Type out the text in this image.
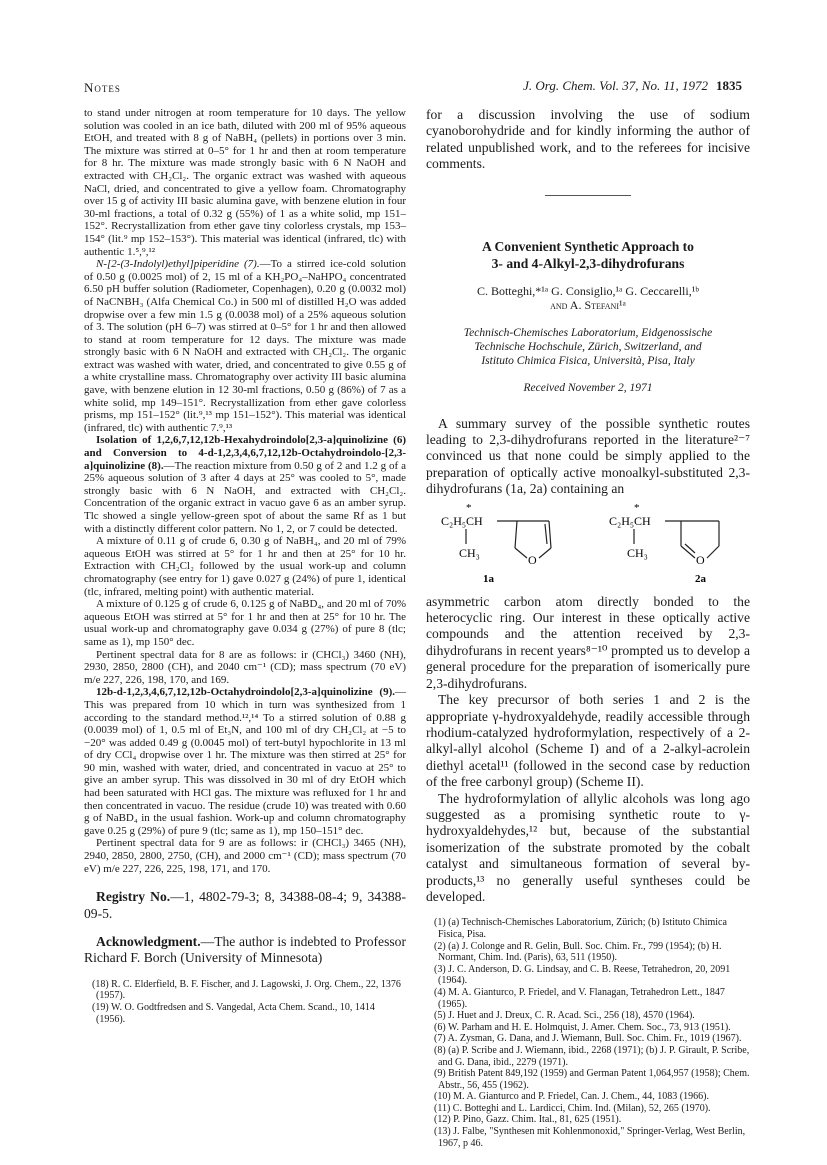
Notes	J. Org. Chem. Vol. 37, No. 11, 1972 1835

to stand under nitrogen at room temperature for 10 days. The yellow solution was cooled in an ice bath, diluted with 200 ml of 95% aqueous EtOH, and treated with 8 g of NaBH₄ (pellets) in portions over 3 min. The mixture was stirred at 0–5° for 1 hr and then at room temperature for 8 hr. The mixture was made strongly basic with 6 N NaOH and extracted with CH₂Cl₂. The organic extract was washed with aqueous NaCl, dried, and concentrated to give a yellow foam. Chromatography over 15 g of activity III basic alumina gave, with benzene elution in four 30-ml fractions, a total of 0.32 g (55%) of 1 as a white solid, mp 151–152°. Recrystallization from ether gave tiny colorless crystals, mp 153–154° (lit.⁹ mp 152–153°). This material was identical (infrared, tlc) with authentic 1.⁵,⁹,¹²

N-[2-(3-Indolyl)ethyl]piperidine (7).—To a stirred ice-cold solution of 0.50 g (0.0025 mol) of 2, 15 ml of a KH₂PO₄–NaHPO₄ concentrated 6.50 pH buffer solution (Radiometer, Copenhagen), 0.20 g (0.0032 mol) of NaCNBH₃ (Alfa Chemical Co.) in 500 ml of distilled H₂O was added dropwise over a few min 1.5 g (0.0038 mol) of a 25% aqueous solution of 3. The solution (pH 6–7) was stirred at 0–5° for 1 hr and then allowed to stand at room temperature for 12 days. The mixture was made strongly basic with 6 N NaOH and extracted with CH₂Cl₂. The organic extract was washed with water, dried, and concentrated to give 0.55 g of a white crystalline mass. Chromatography over activity III basic alumina gave, with benzene elution in 12 30-ml fractions, 0.50 g (86%) of 7 as a white solid, mp 149–151°. Recrystallization from ether gave colorless prisms, mp 151–152° (lit.⁹,¹³ mp 151–152°). This material was identical (infrared, tlc) with authentic 7.⁹,¹³

Isolation of 1,2,6,7,12,12b-Hexahydroindolo[2,3-a]quinolizine (6) and Conversion to 4-d-1,2,3,4,6,7,12,12b-Octahydroindolo-[2,3-a]quinolizine (8).—The reaction mixture from 0.50 g of 2 and 1.2 g of a 25% aqueous solution of 3 after 4 days at 25° was cooled to 5°, made strongly basic with 6 N NaOH, and extracted with CH₂Cl₂. Concentration of the organic extract in vacuo gave 6 as an amber syrup. Tlc showed a single yellow-green spot of about the same Rf as 1 but with a distinctly different color pattern. No 1, 2, or 7 could be detected.

A mixture of 0.11 g of crude 6, 0.30 g of NaBH₄, and 20 ml of 79% aqueous EtOH was stirred at 5° for 1 hr and then at 25° for 10 hr. Extraction with CH₂Cl₂ followed by the usual work-up and column chromatography (see entry for 1) gave 0.027 g (24%) of pure 1, identical (tlc, infrared, melting point) with authentic material.

A mixture of 0.125 g of crude 6, 0.125 g of NaBD₄, and 20 ml of 70% aqueous EtOH was stirred at 5° for 1 hr and then at 25° for 10 hr. The usual work-up and chromatography gave 0.034 g (27%) of pure 8 (tlc; same as 1), mp 150° dec.

Pertinent spectral data for 8 are as follows: ir (CHCl₃) 3460 (NH), 2930, 2850, 2800 (CH), and 2040 cm⁻¹ (CD); mass spectrum (70 eV) m/e 227, 226, 198, 170, and 169.

12b-d-1,2,3,4,6,7,12,12b-Octahydroindolo[2,3-a]quinolizine (9).—This was prepared from 10 which in turn was synthesized from 1 according to the standard method.¹²,¹⁴ To a stirred solution of 0.88 g (0.0039 mol) of 1, 0.5 ml of Et₃N, and 100 ml of dry CH₂Cl₂ at −5 to −20° was added 0.49 g (0.0045 mol) of tert-butyl hypochlorite in 13 ml of dry CCl₄ dropwise over 1 hr. The mixture was then stirred at 25° for 90 min, washed with water, dried, and concentrated in vacuo at 25° to give an amber syrup. This was dissolved in 30 ml of dry EtOH which had been saturated with HCl gas. The mixture was refluxed for 1 hr and then concentrated in vacuo. The residue (crude 10) was treated with 0.60 g of NaBD₄ in the usual fashion. Work-up and column chromatography gave 0.25 g (29%) of pure 9 (tlc; same as 1), mp 150–151° dec.

Pertinent spectral data for 9 are as follows: ir (CHCl₃) 3465 (NH), 2940, 2850, 2800, 2750, (CH), and 2000 cm⁻¹ (CD); mass spectrum (70 eV) m/e 227, 226, 225, 198, 171, and 170.

Registry No.—1, 4802-79-3; 8, 34388-08-4; 9, 34388-09-5.

Acknowledgment.—The author is indebted to Professor Richard F. Borch (University of Minnesota)

(18) R. C. Elderfield, B. F. Fischer, and J. Lagowski, J. Org. Chem., 22, 1376 (1957).

(19) W. O. Godtfredsen and S. Vangedal, Acta Chem. Scand., 10, 1414 (1956).

for a discussion involving the use of sodium cyanoborohydride and for kindly informing the author of related unpublished work, and to the referees for incisive comments.

A Convenient Synthetic Approach to

3- and 4-Alkyl-2,3-dihydrofurans

C. Botteghi,*¹ᵃ G. Consiglio,¹ᵃ G. Ceccarelli,¹ᵇ

and A. Stefani¹ᵃ

Technisch-Chemisches Laboratorium, Eidgenossische

Technische Hochschule, Zürich, Switzerland, and

Istituto Chimica Fisica, Università, Pisa, Italy

Received November 2, 1971

A summary survey of the possible synthetic routes leading to 2,3-dihydrofurans reported in the literature²⁻⁷ convinced us that none could be simply applied to the preparation of optically active monoalkyl-substituted 2,3-dihydrofurans (1a, 2a) containing an

*
C₂H₅CH
CH₃	O
1a
*
C₂H₅CH
CH₃	O
2a

asymmetric carbon atom directly bonded to the heterocyclic ring. Our interest in these optically active compounds and the attention received by 2,3-dihydrofurans in recent years⁸⁻¹⁰ prompted us to develop a general procedure for the preparation of isomerically pure 2,3-dihydrofurans.

The key precursor of both series 1 and 2 is the appropriate γ-hydroxyaldehyde, readily accessible through rhodium-catalyzed hydroformylation, respectively of a 2-alkyl-allyl alcohol (Scheme I) and of a 2-alkyl-acrolein diethyl acetal¹¹ (followed in the second case by reduction of the free carbonyl group) (Scheme II).

The hydroformylation of allylic alcohols was long ago suggested as a promising synthetic route to γ-hydroxyaldehydes,¹² but, because of the substantial isomerization of the substrate promoted by the cobalt catalyst and simultaneous formation of several by-products,¹³ no generally useful syntheses could be developed.

(1) (a) Technisch-Chemisches Laboratorium, Zürich; (b) Istituto Chimica Fisica, Pisa.

(2) (a) J. Colonge and R. Gelin, Bull. Soc. Chim. Fr., 799 (1954); (b) H. Normant, Chim. Ind. (Paris), 63, 511 (1950).

(3) J. C. Anderson, D. G. Lindsay, and C. B. Reese, Tetrahedron, 20, 2091 (1964).

(4) M. A. Gianturco, P. Friedel, and V. Flanagan, Tetrahedron Lett., 1847 (1965).

(5) J. Huet and J. Dreux, C. R. Acad. Sci., 256 (18), 4570 (1964).

(6) W. Parham and H. E. Holmquist, J. Amer. Chem. Soc., 73, 913 (1951).

(7) A. Zysman, G. Dana, and J. Wiemann, Bull. Soc. Chim. Fr., 1019 (1967).

(8) (a) P. Scribe and J. Wiemann, ibid., 2268 (1971); (b) J. P. Girault, P. Scribe, and G. Dana, ibid., 2279 (1971).

(9) British Patent 849,192 (1959) and German Patent 1,064,957 (1958); Chem. Abstr., 56, 455 (1962).

(10) M. A. Gianturco and P. Friedel, Can. J. Chem., 44, 1083 (1966).

(11) C. Botteghi and L. Lardicci, Chim. Ind. (Milan), 52, 265 (1970).

(12) P. Pino, Gazz. Chim. Ital., 81, 625 (1951).

(13) J. Falbe, "Synthesen mit Kohlenmonoxid," Springer-Verlag, West Berlin, 1967, p 46.
